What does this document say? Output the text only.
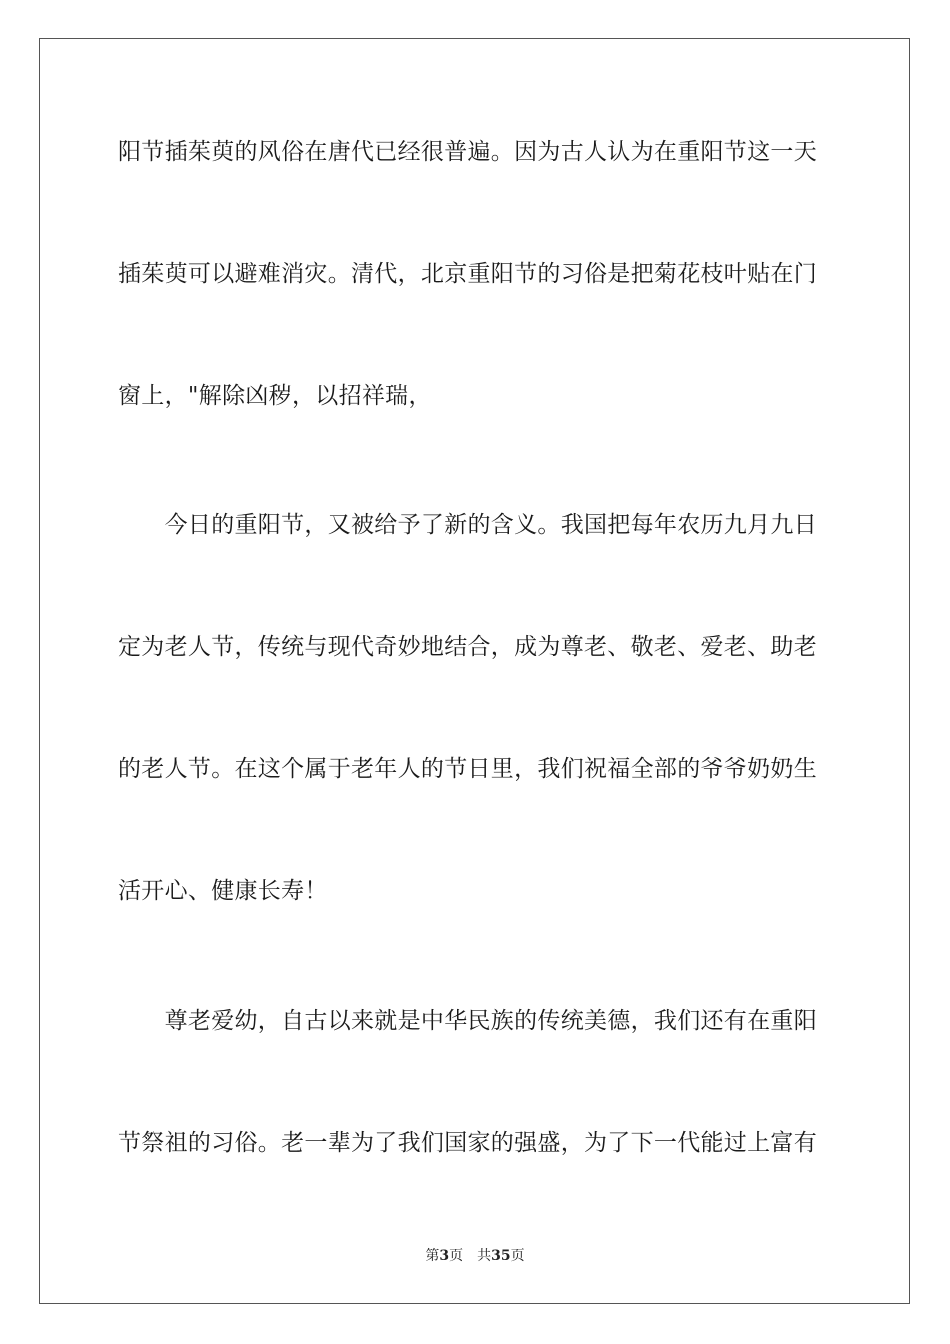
阳节插茱萸的风俗在唐代已经很普遍。因为古人认为在重阳节这一天
插茱萸可以避难消灾。清代，北京重阳节的习俗是把菊花枝叶贴在门
窗上，"解除凶秽，以招祥瑞，
　　今日的重阳节，又被给予了新的含义。我国把每年农历九月九日
定为老人节，传统与现代奇妙地结合，成为尊老、敬老、爱老、助老
的老人节。在这个属于老年人的节日里，我们祝福全部的爷爷奶奶生
活开心、健康长寿！
　　尊老爱幼，自古以来就是中华民族的传统美德，我们还有在重阳
节祭祖的习俗。老一辈为了我们国家的强盛，为了下一代能过上富有
第3页 共35页
